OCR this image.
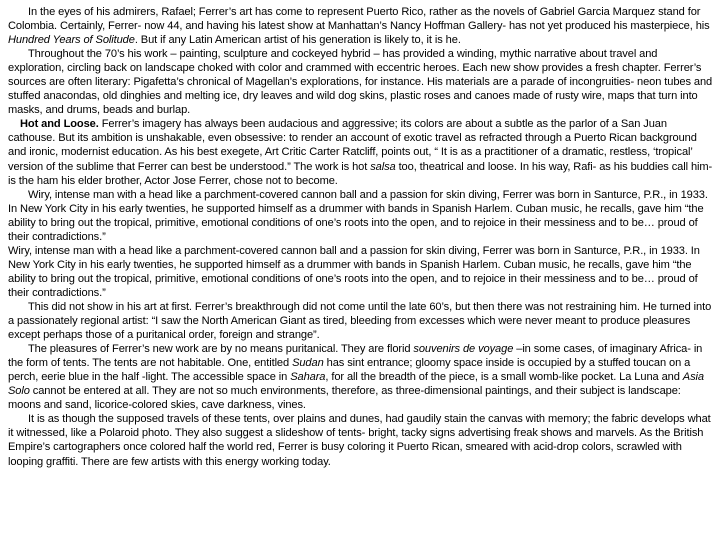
In the eyes of his admirers, Rafael; Ferrer’s art has come to represent Puerto Rico, rather as the novels of Gabriel Garcia Marquez stand for Colombia. Certainly, Ferrer- now 44, and having his latest show at Manhattan’s Nancy Hoffman Gallery- has not yet produced his masterpiece, his Hundred Years of Solitude. But if any Latin American artist of his generation is likely to, it is he.

Throughout the 70’s his work – painting, sculpture and cockeyed hybrid – has provided a winding, mythic narrative about travel and exploration, circling back on landscape choked with color and crammed with eccentric heroes. Each new show provides a fresh chapter. Ferrer’s sources are often literary: Pigafetta’s chronical of Magellan’s explorations, for instance. His materials are a parade of incongruities- neon tubes and stuffed anacondas, old dinghies and melting ice, dry leaves and wild dog skins, plastic roses and canoes made of rusty wire, maps that turn into masks, and drums, beads and burlap.

Hot and Loose. Ferrer’s imagery has always been audacious and aggressive; its colors are about a subtle as the parlor of a San Juan cathouse. But its ambition is unshakable, even obsessive: to render an account of exotic travel as refracted through a Puerto Rican background and ironic, modernist education. As his best exegete, Art Critic Carter Ratcliff, points out, “ It is as a practitioner of a dramatic, restless, ‘tropical’ version of the sublime that Ferrer can best be understood.” The work is hot salsa too, theatrical and loose. In his way, Rafi- as his buddies call him- is the ham his elder brother, Actor Jose Ferrer, chose not to become.

Wiry, intense man with a head like a parchment-covered cannon ball and a passion for skin diving, Ferrer was born in Santurce, P.R., in 1933. In New York City in his early twenties, he supported himself as a drummer with bands in Spanish Harlem. Cuban music, he recalls, gave him “the ability to bring out the tropical, primitive, emotional conditions of one’s roots into the open, and to rejoice in their messiness and to be… proud of their contradictions.”

Wiry, intense man with a head like a parchment-covered cannon ball and a passion for skin diving, Ferrer was born in Santurce, P.R., in 1933. In New York City in his early twenties, he supported himself as a drummer with bands in Spanish Harlem. Cuban music, he recalls, gave him “the ability to bring out the tropical, primitive, emotional conditions of one’s roots into the open, and to rejoice in their messiness and to be… proud of their contradictions.”

This did not show in his art at first. Ferrer’s breakthrough did not come until the late 60’s, but then there was not restraining him. He turned into a passionately regional artist: “I saw the North American Giant as tired, bleeding from excesses which were never meant to produce pleasures except perhaps those of a puritanical order, foreign and strange”.

The pleasures of Ferrer’s new work are by no means puritanical. They are florid souvenirs de voyage –in some cases, of imaginary Africa- in the form of tents. The tents are not habitable. One, entitled Sudan has sint entrance; gloomy space inside is occupied by a stuffed toucan on a perch, eerie blue in the half -light. The accessible space in Sahara, for all the breadth of the piece, is a small womb-like pocket. La Luna and Asia Solo cannot be entered at all. They are not so much environments, therefore, as three-dimensional paintings, and their subject is landscape: moons and sand, licorice-colored skies, cave darkness, vines.

It is as though the supposed travels of these tents, over plains and dunes, had gaudily stain the canvas with memory; the fabric develops what it witnessed, like a Polaroid photo. They also suggest a slideshow of tents- bright, tacky signs advertising freak shows and marvels. As the British Empire’s cartographers once colored half the world red, Ferrer is busy coloring it Puerto Rican, smeared with acid-drop colors, scrawled with looping graffiti. There are few artists with this energy working today.
